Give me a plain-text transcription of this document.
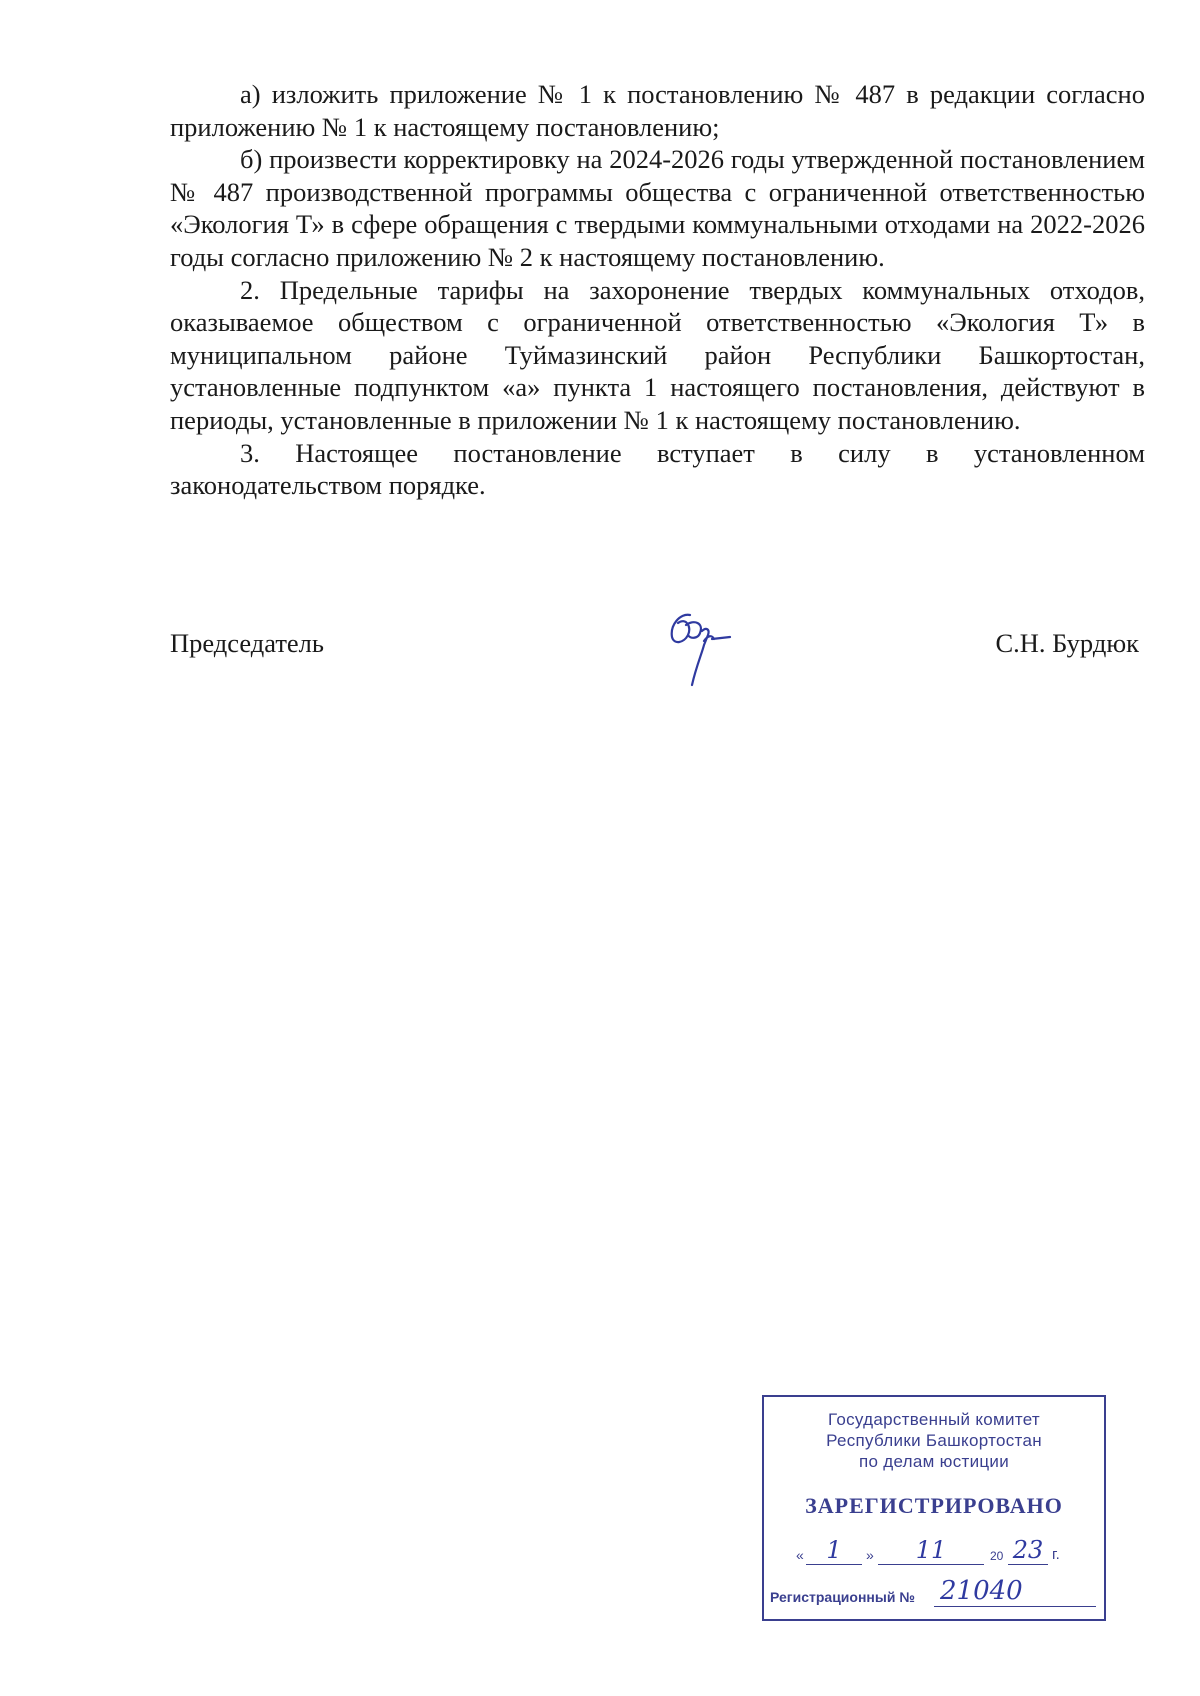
а) изложить приложение № 1 к постановлению № 487 в редакции согласно приложению № 1 к настоящему постановлению;

б) произвести корректировку на 2024-2026 годы утвержденной постановлением № 487 производственной программы общества с ограниченной ответственностью «Экология Т» в сфере обращения с твердыми коммунальными отходами на 2022-2026 годы согласно приложению № 2 к настоящему постановлению.

2. Предельные тарифы на захоронение твердых коммунальных отходов, оказываемое обществом с ограниченной ответственностью «Экология Т» в муниципальном районе Туймазинский район Республики Башкортостан, установленные подпунктом «а» пункта 1 настоящего постановления, действуют в периоды, установленные в приложении № 1 к настоящему постановлению.

3. Настоящее постановление вступает в силу в установленном законодательством порядке.

Председатель	С.Н. Бурдюк
Государственный комитет
Республики Башкортостан
по делам юстиции
ЗАРЕГИСТРИРОВАНО
« 1	»	11	20 23 г.
Регистрационный № 21040
